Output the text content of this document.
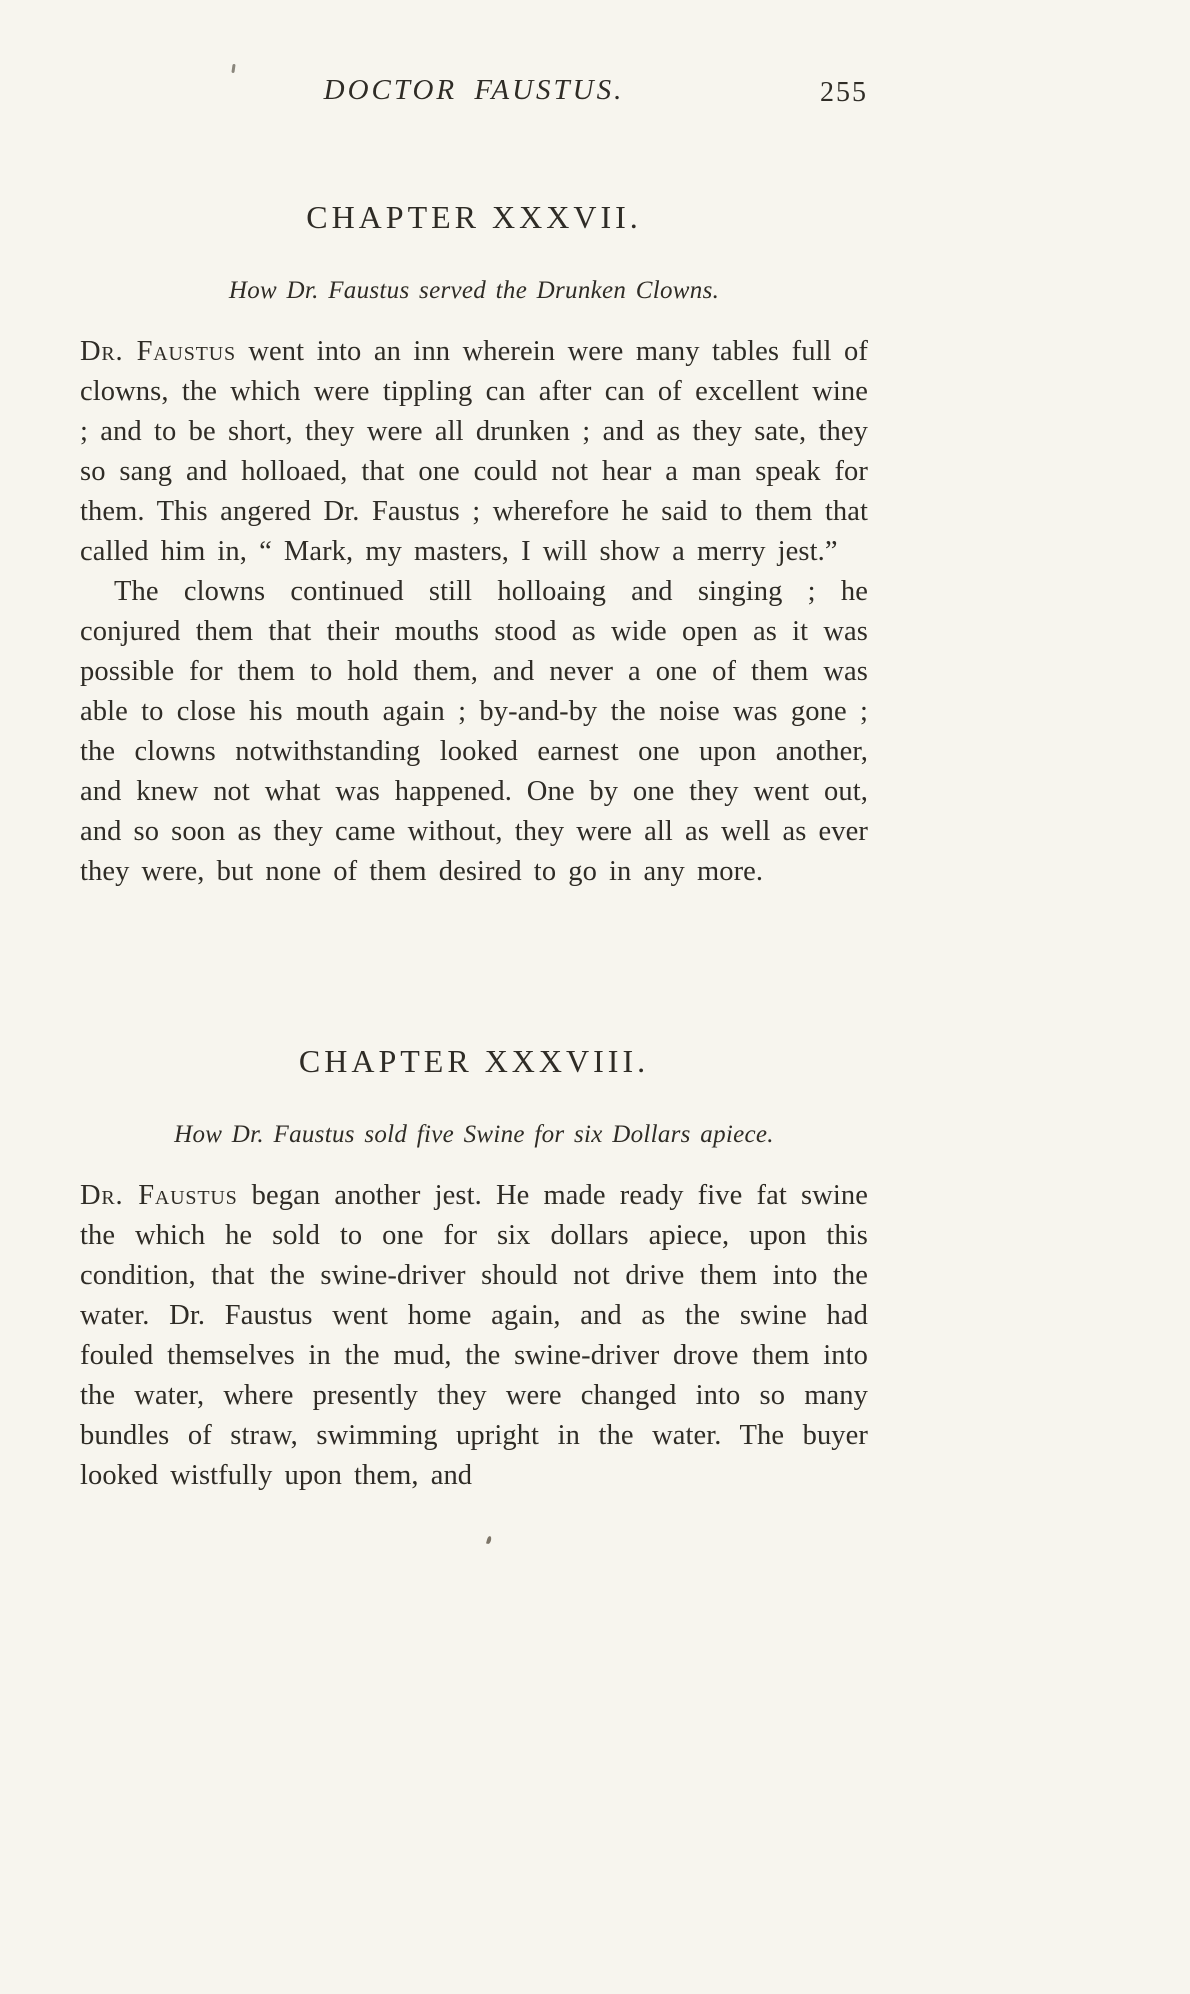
DOCTOR FAUSTUS.	255
CHAPTER XXXVII.

How Dr. Faustus served the Drunken Clowns.

Dr. Faustus went into an inn wherein were many tables full of clowns, the which were tippling can after can of excellent wine ; and to be short, they were all drunken ; and as they sate, they so sang and holloaed, that one could not hear a man speak for them. This angered Dr. Faustus ; wherefore he said to them that called him in, “ Mark, my masters, I will show a merry jest.”

The clowns continued still holloaing and singing ; he conjured them that their mouths stood as wide open as it was possible for them to hold them, and never a one of them was able to close his mouth again ; by-and-by the noise was gone ; the clowns notwithstanding looked earnest one upon another, and knew not what was happened. One by one they went out, and so soon as they came without, they were all as well as ever they were, but none of them desired to go in any more.

CHAPTER XXXVIII.

How Dr. Faustus sold five Swine for six Dollars apiece.

Dr. Faustus began another jest. He made ready five fat swine the which he sold to one for six dollars apiece, upon this condition, that the swine-driver should not drive them into the water. Dr. Faustus went home again, and as the swine had fouled themselves in the mud, the swine-driver drove them into the water, where presently they were changed into so many bundles of straw, swimming upright in the water. The buyer looked wistfully upon them, and
